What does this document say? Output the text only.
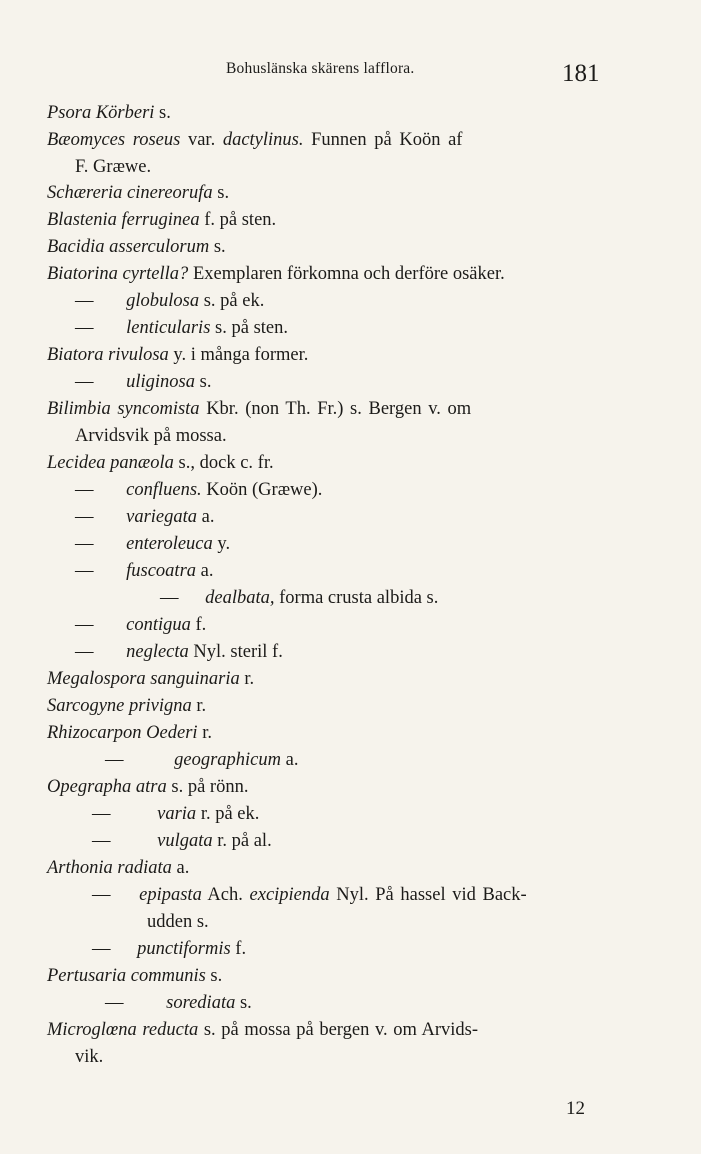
Bohuslänska skärens lafflora.	181
Psora Körberi s.
Bæomyces roseus var. dactylinus. Funnen på Koön af
F. Græwe.
Schæreria cinereorufa s.
Blastenia ferruginea f. på sten.
Bacidia asserculorum s.
Biatorina cyrtella? Exemplaren förkomna och derföre osäker.
— globulosa s. på ek.
— lenticularis s. på sten.
Biatora rivulosa y. i många former.
— uliginosa s.
Bilimbia syncomista Kbr. (non Th. Fr.) s. Bergen v. om
Arvidsvik på mossa.
Lecidea panæola s., dock c. fr.
— confluens. Koön (Græwe).
— variegata a.
— enteroleuca y.
— fuscoatra a.
— dealbata, forma crusta albida s.
— contigua f.
— neglecta Nyl. steril f.
Megalospora sanguinaria r.
Sarcogyne privigna r.
Rhizocarpon Oederi r.
—	geographicum a.
Opegrapha atra s. på rönn.
—	varia r. på ek.
—	vulgata r. på al.
Arthonia radiata a.
— epipasta Ach. excipienda Nyl. På hassel vid Back-
udden s.
— punctiformis f.
Pertusaria communis s.
— sorediata s.
Microglœna reducta s. på mossa på bergen v. om Arvids-
vik.
12
